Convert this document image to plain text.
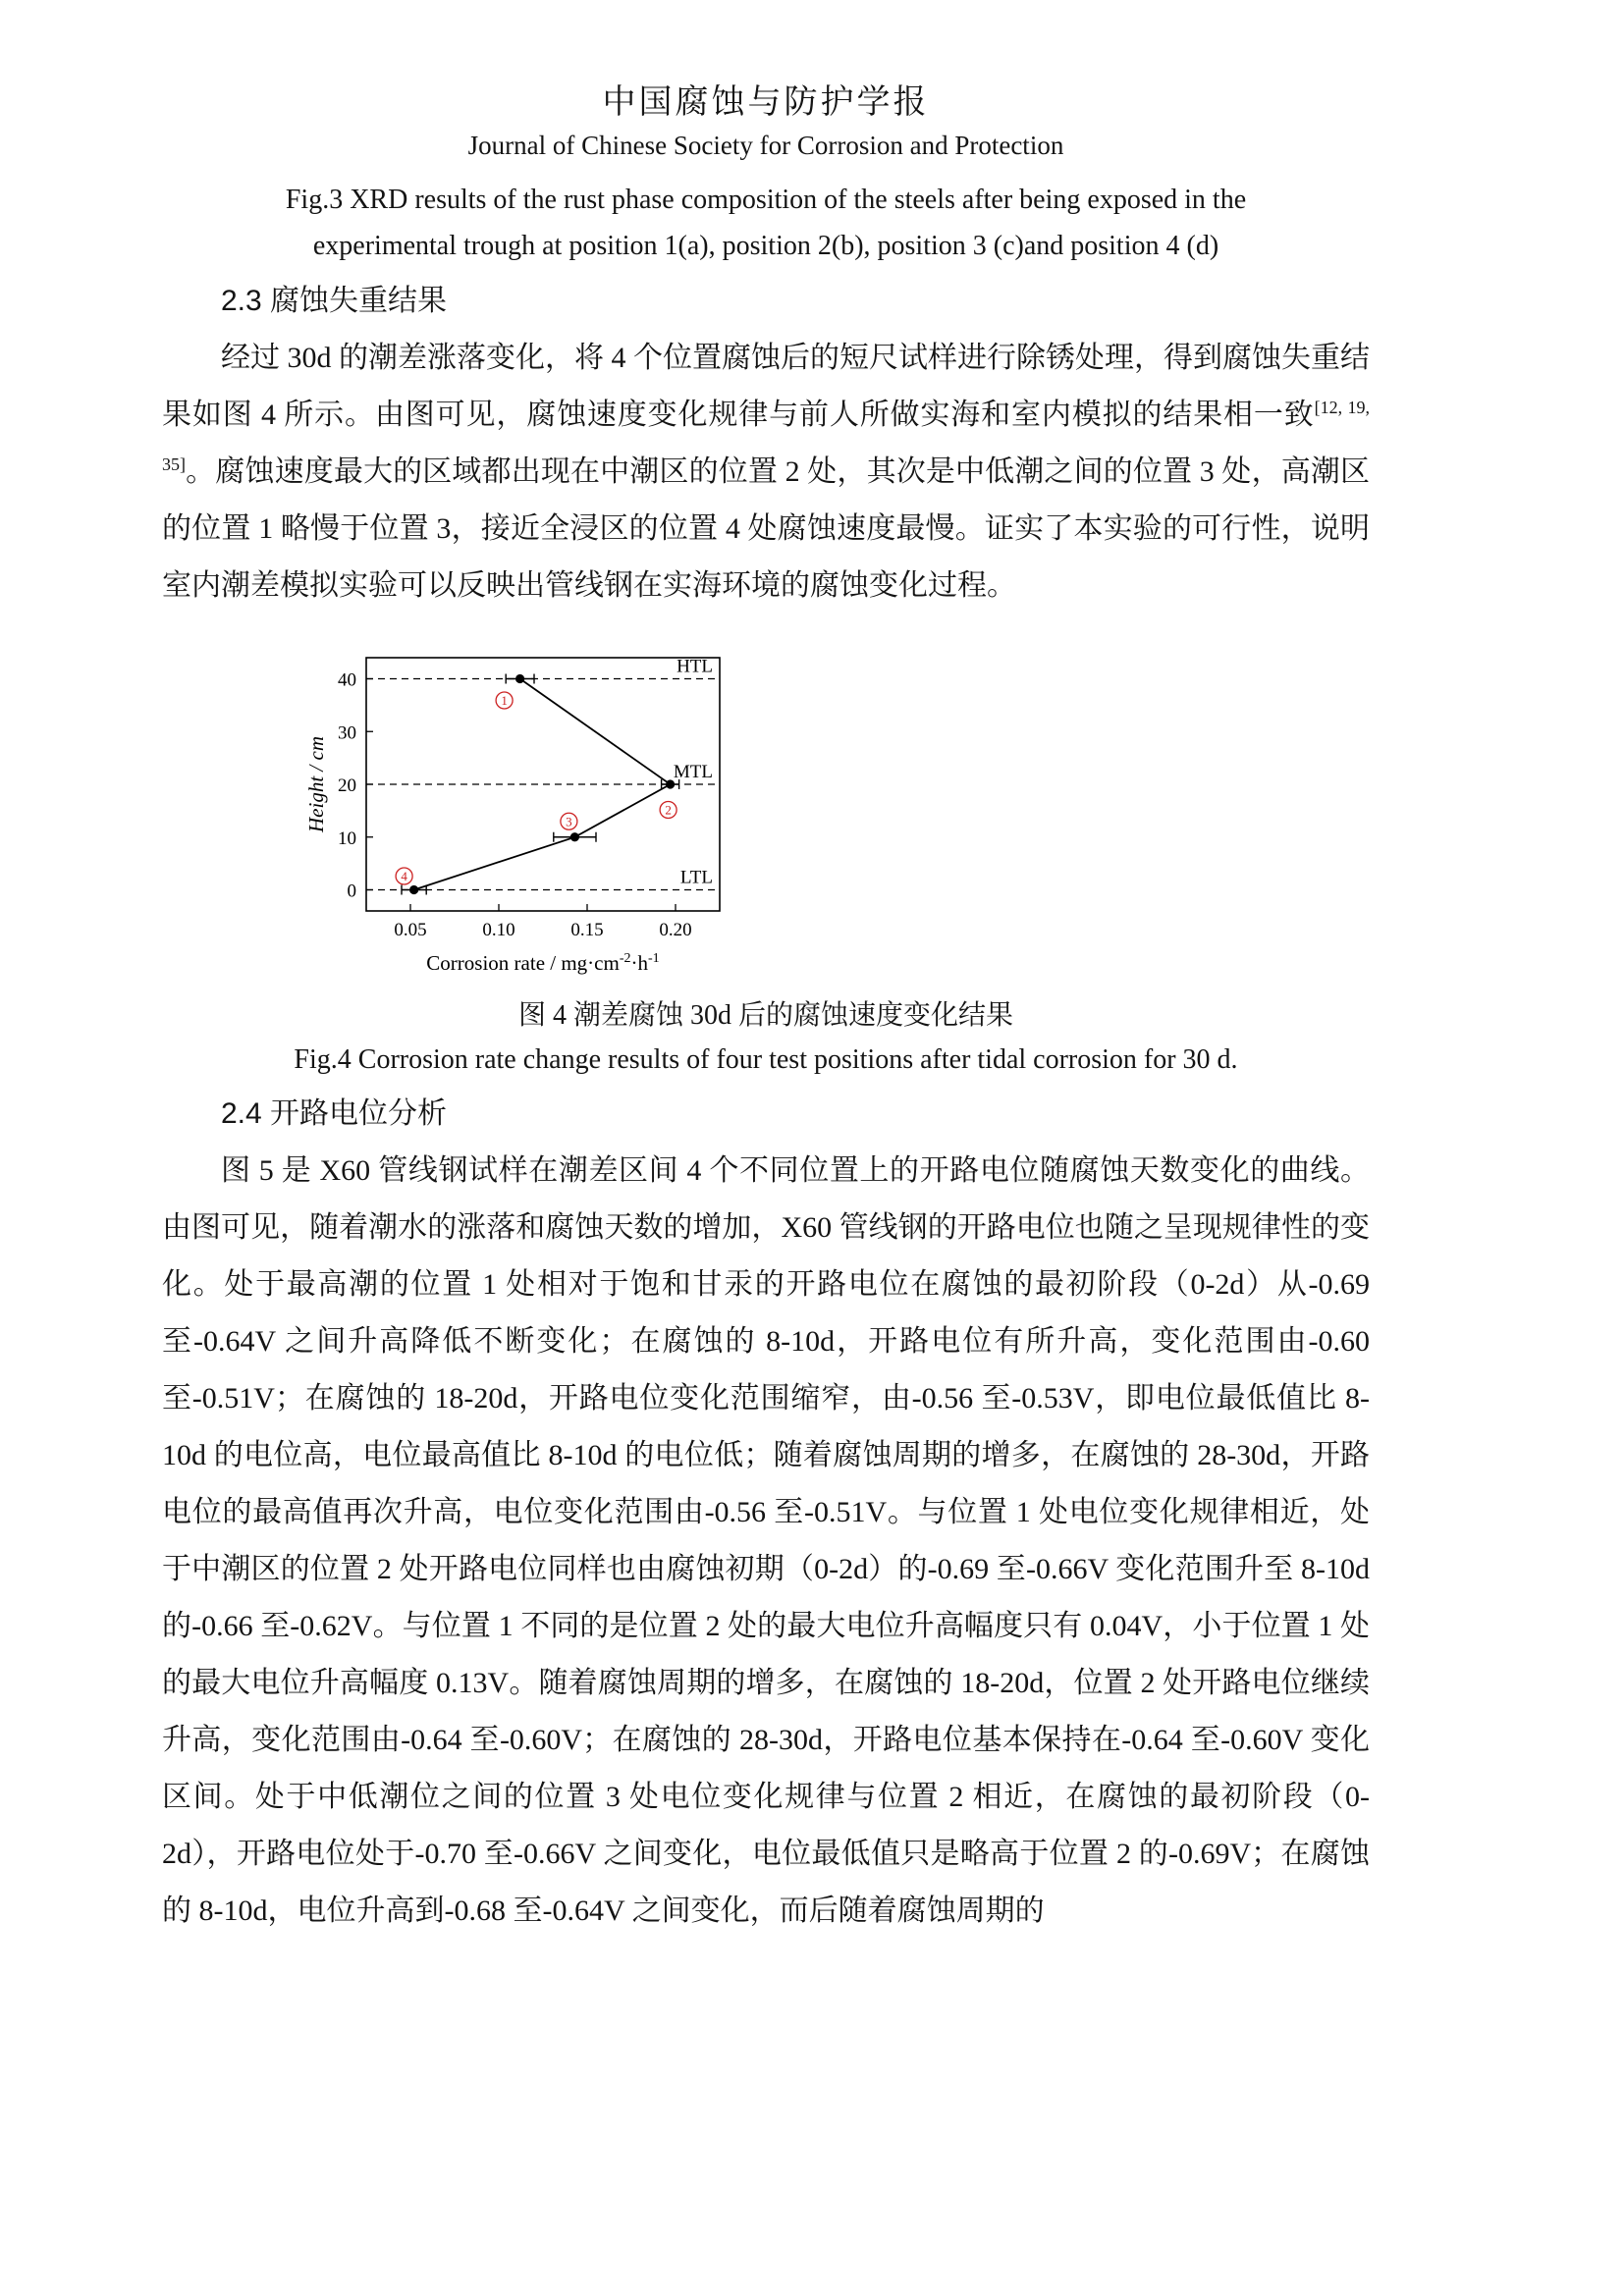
中国腐蚀与防护学报
Journal of Chinese Society for Corrosion and Protection
Fig.3 XRD results of the rust phase composition of the steels after being exposed in the
experimental trough at position 1(a), position 2(b), position 3 (c)and position 4 (d)
2.3 腐蚀失重结果

经过 30d 的潮差涨落变化，将 4 个位置腐蚀后的短尺试样进行除锈处理，得到腐蚀失重结果如图 4 所示。由图可见，腐蚀速度变化规律与前人所做实海和室内模拟的结果相一致[12, 19, 35]。腐蚀速度最大的区域都出现在中潮区的位置 2 处，其次是中低潮之间的位置 3 处，高潮区的位置 1 略慢于位置 3，接近全浸区的位置 4 处腐蚀速度最慢。证实了本实验的可行性，说明室内潮差模拟实验可以反映出管线钢在实海环境的腐蚀变化过程。

HTL
MTL
LTL
0.05	0.10	0.15	0.20
0
10
20
30
40
1
2
3
4
Corrosion rate / $mg\cdot cm^{-2}\cdot h^{-1}$
Height / cm
图 4 潮差腐蚀 30d 后的腐蚀速度变化结果
Fig.4 Corrosion rate change results of four test positions after tidal corrosion for 30 d.
2.4 开路电位分析

图 5 是 X60 管线钢试样在潮差区间 4 个不同位置上的开路电位随腐蚀天数变化的曲线。由图可见，随着潮水的涨落和腐蚀天数的增加，X60 管线钢的开路电位也随之呈现规律性的变化。处于最高潮的位置 1 处相对于饱和甘汞的开路电位在腐蚀的最初阶段（0-2d）从-0.69 至-0.64V 之间升高降低不断变化；在腐蚀的 8-10d，开路电位有所升高，变化范围由-0.60 至-0.51V；在腐蚀的 18-20d，开路电位变化范围缩窄，由-0.56 至-0.53V，即电位最低值比 8-10d 的电位高，电位最高值比 8-10d 的电位低；随着腐蚀周期的增多，在腐蚀的 28-30d，开路电位的最高值再次升高，电位变化范围由-0.56 至-0.51V。与位置 1 处电位变化规律相近，处于中潮区的位置 2 处开路电位同样也由腐蚀初期（0-2d）的-0.69 至-0.66V 变化范围升至 8-10d 的-0.66 至-0.62V。与位置 1 不同的是位置 2 处的最大电位升高幅度只有 0.04V，小于位置 1 处的最大电位升高幅度 0.13V。随着腐蚀周期的增多，在腐蚀的 18-20d，位置 2 处开路电位继续升高，变化范围由-0.64 至-0.60V；在腐蚀的 28-30d，开路电位基本保持在-0.64 至-0.60V 变化区间。处于中低潮位之间的位置 3 处电位变化规律与位置 2 相近，在腐蚀的最初阶段（0-2d），开路电位处于-0.70 至-0.66V 之间变化，电位最低值只是略高于位置 2 的-0.69V；在腐蚀的 8-10d，电位升高到-0.68 至-0.64V 之间变化，而后随着腐蚀周期的
